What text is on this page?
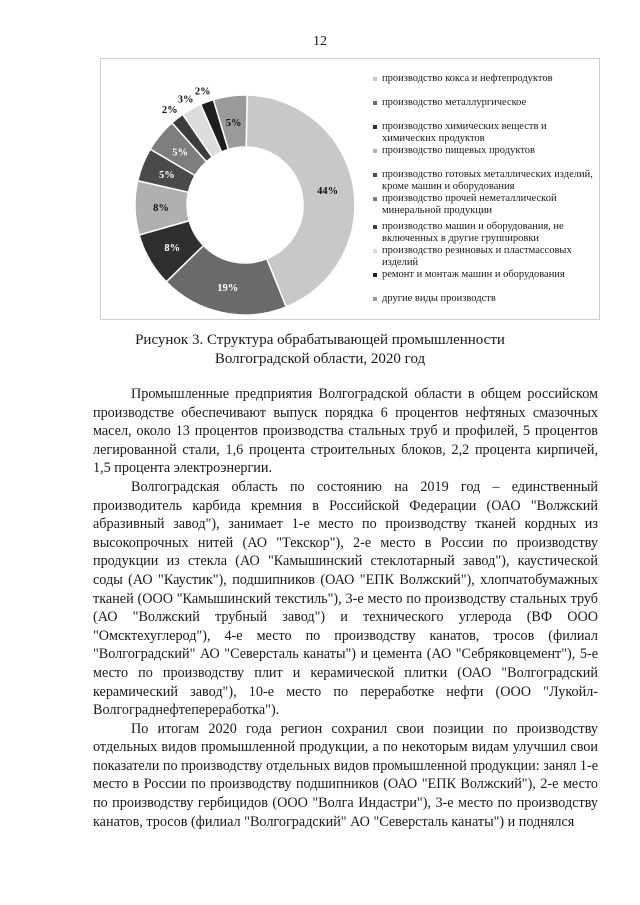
12
44%
19%
8%
8%
5%
5%
2%
3%
2%
5%
производство кокса и нефтепродуктов
производство металлургическое
производство химических веществ и химических продуктов
производство пищевых продуктов
производство готовых металлических изделий, кроме машин и оборудования
производство прочей неметаллической минеральной продукции
производство машин и оборудования, не включенных в другие группировки
производство резиновых и пластмассовых изделий
ремонт и монтаж машин и оборудования
другие виды производств
Рисунок 3. Структура обрабатывающей промышленности
Волгоградской области, 2020 год

Промышленные предприятия Волгоградской области в общем российском производстве обеспечивают выпуск порядка 6 процентов нефтяных смазочных масел, около 13 процентов производства стальных труб и профилей, 5 процентов легированной стали, 1,6 процента строительных блоков, 2,2 процента кирпичей, 1,5 процента электроэнергии.

Волгоградская область по состоянию на 2019 год – единственный производитель карбида кремния в Российской Федерации (ОАО "Волжский абразивный завод"), занимает 1-е место по производству тканей кордных из высокопрочных нитей (АО "Текскор"), 2-е место в России по производству продукции из стекла (АО "Камышинский стеклотарный завод"), каустической соды (АО "Каустик"), подшипников (ОАО "ЕПК Волжский"), хлопчатобумажных тканей (ООО "Камышинский текстиль"), 3-е место по производству стальных труб (АО "Волжский трубный завод") и технического углерода (ВФ ООО "Омсктехуглерод"), 4-е место по производству канатов, тросов (филиал "Волгоградский" АО "Северсталь канаты") и цемента (АО "Себряковцемент"), 5-е место по производству плит и керамической плитки (ОАО "Волгоградский керамический завод"), 10-е место по переработке нефти (ООО "Лукойл-Волгограднефтепереработка").

По итогам 2020 года регион сохранил свои позиции по производству отдельных видов промышленной продукции, а по некоторым видам улучшил свои показатели по производству отдельных видов промышленной продукции: занял 1-е место в России по производству подшипников (ОАО "ЕПК Волжский"), 2-е место по производству гербицидов (ООО "Волга Индастри"), 3-е место по производству канатов, тросов (филиал "Волгоградский" АО "Северсталь канаты") и поднялся
